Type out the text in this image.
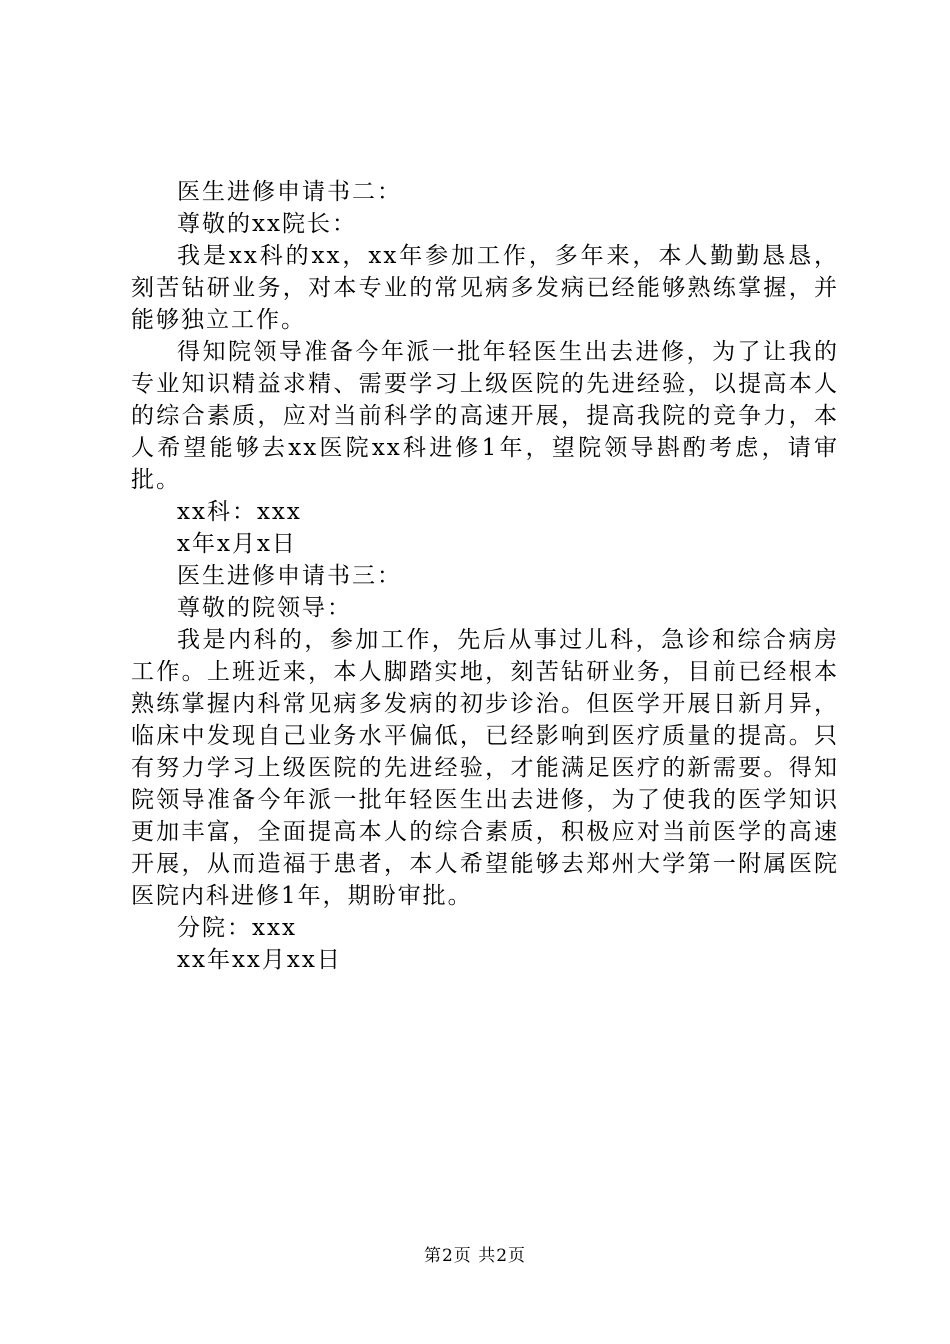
医生进修申请书二：

尊敬的xx院长：

我是xx科的xx，xx年参加工作，多年来，本人勤勤恳恳，刻苦钻研业务，对本专业的常见病多发病已经能够熟练掌握，并能够独立工作。

得知院领导准备今年派一批年轻医生出去进修，为了让我的专业知识精益求精、需要学习上级医院的先进经验，以提高本人的综合素质，应对当前科学的高速开展，提高我院的竞争力，本人希望能够去xx医院xx科进修1年，望院领导斟酌考虑，请审批。

xx科：xxx

x年x月x日

医生进修申请书三：

尊敬的院领导：

我是内科的，参加工作，先后从事过儿科，急诊和综合病房工作。上班近来，本人脚踏实地，刻苦钻研业务，目前已经根本熟练掌握内科常见病多发病的初步诊治。但医学开展日新月异，临床中发现自己业务水平偏低，已经影响到医疗质量的提高。只有努力学习上级医院的先进经验，才能满足医疗的新需要。得知院领导准备今年派一批年轻医生出去进修，为了使我的医学知识更加丰富，全面提高本人的综合素质，积极应对当前医学的高速开展，从而造福于患者，本人希望能够去郑州大学第一附属医院医院内科进修1年，期盼审批。

分院：xxx

xx年xx月xx日

第2页 共2页
